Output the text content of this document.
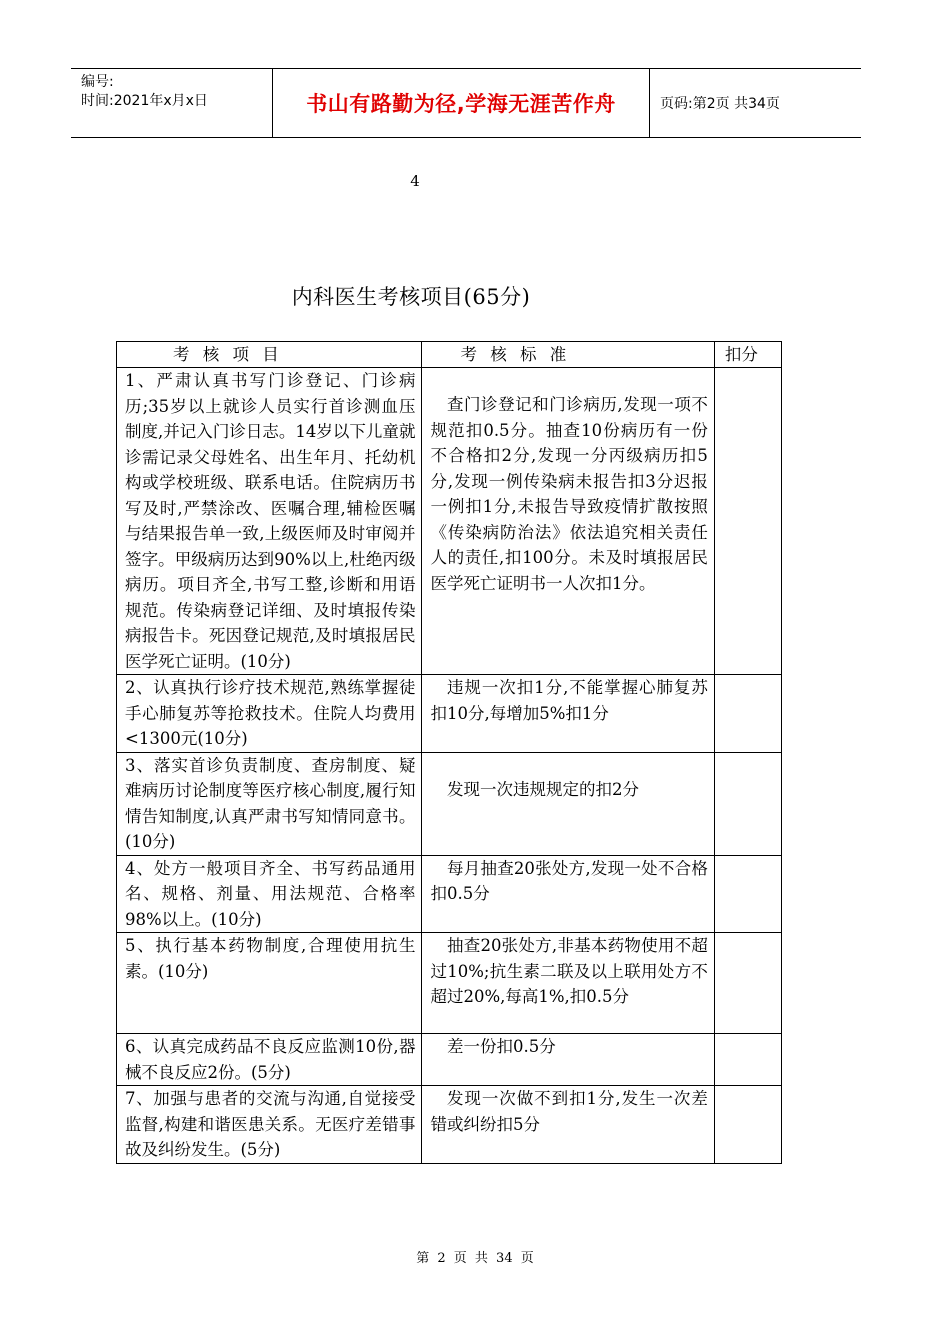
编号:
时间:2021年x月x日	书山有路勤为径,学海无涯苦作舟	页码:第2页 共34页
4
内科医生考核项目(65分)
考 核 项 目	考 核 标 准	扣分
1、严肃认真书写门诊登记、门诊病历;35岁以上就诊人员实行首诊测血压制度,并记入门诊日志。14岁以下儿童就诊需记录父母姓名、出生年月、托幼机构或学校班级、联系电话。住院病历书写及时,严禁涂改、医嘱合理,辅检医嘱与结果报告单一致,上级医师及时审阅并签字。甲级病历达到90%以上,杜绝丙级病历。项目齐全,书写工整,诊断和用语规范。传染病登记详细、及时填报传染病报告卡。死因登记规范,及时填报居民医学死亡证明。(10分)	查门诊登记和门诊病历,发现一项不规范扣0.5分。抽查10份病历有一份不合格扣2分,发现一分丙级病历扣5分,发现一例传染病未报告扣3分迟报一例扣1分,未报告导致疫情扩散按照《传染病防治法》依法追究相关责任人的责任,扣100分。未及时填报居民医学死亡证明书一人次扣1分。	
2、认真执行诊疗技术规范,熟练掌握徒手心肺复苏等抢救技术。住院人均费用<1300元(10分)	违规一次扣1分,不能掌握心肺复苏扣10分,每增加5%扣1分	
3、落实首诊负责制度、查房制度、疑难病历讨论制度等医疗核心制度,履行知情告知制度,认真严肃书写知情同意书。(10分)	发现一次违规规定的扣2分	
4、处方一般项目齐全、书写药品通用名、规格、剂量、用法规范、合格率98%以上。(10分)	每月抽查20张处方,发现一处不合格扣0.5分	
5、执行基本药物制度,合理使用抗生素。(10分)	抽查20张处方,非基本药物使用不超过10%;抗生素二联及以上联用处方不超过20%,每高1%,扣0.5分	
6、认真完成药品不良反应监测10份,器械不良反应2份。(5分)	差一份扣0.5分	
7、加强与患者的交流与沟通,自觉接受监督,构建和谐医患关系。无医疗差错事故及纠纷发生。(5分)	发现一次做不到扣1分,发生一次差错或纠纷扣5分	
第 2 页 共 34 页
